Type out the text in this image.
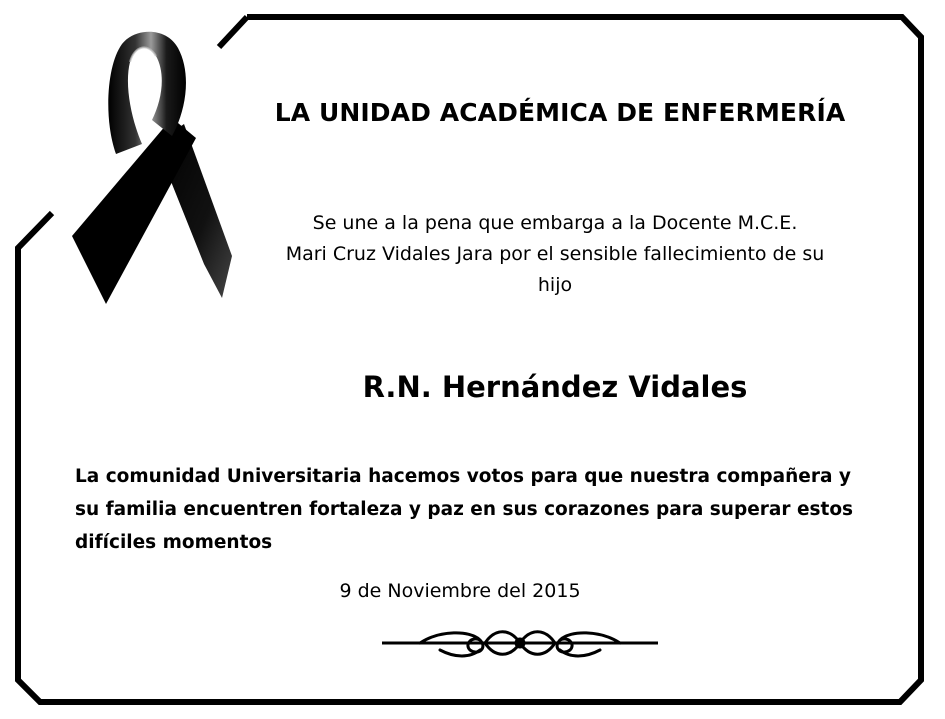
LA UNIDAD ACADÉMICA DE ENFERMERÍA
Se une a la pena que embarga a la Docente M.C.E.
Mari Cruz Vidales Jara por el sensible fallecimiento de su
hijo
R.N. Hernández Vidales
La comunidad Universitaria hacemos votos para que nuestra compañera y
su familia encuentren fortaleza y paz en sus corazones para superar estos
difíciles momentos
9 de Noviembre del 2015
